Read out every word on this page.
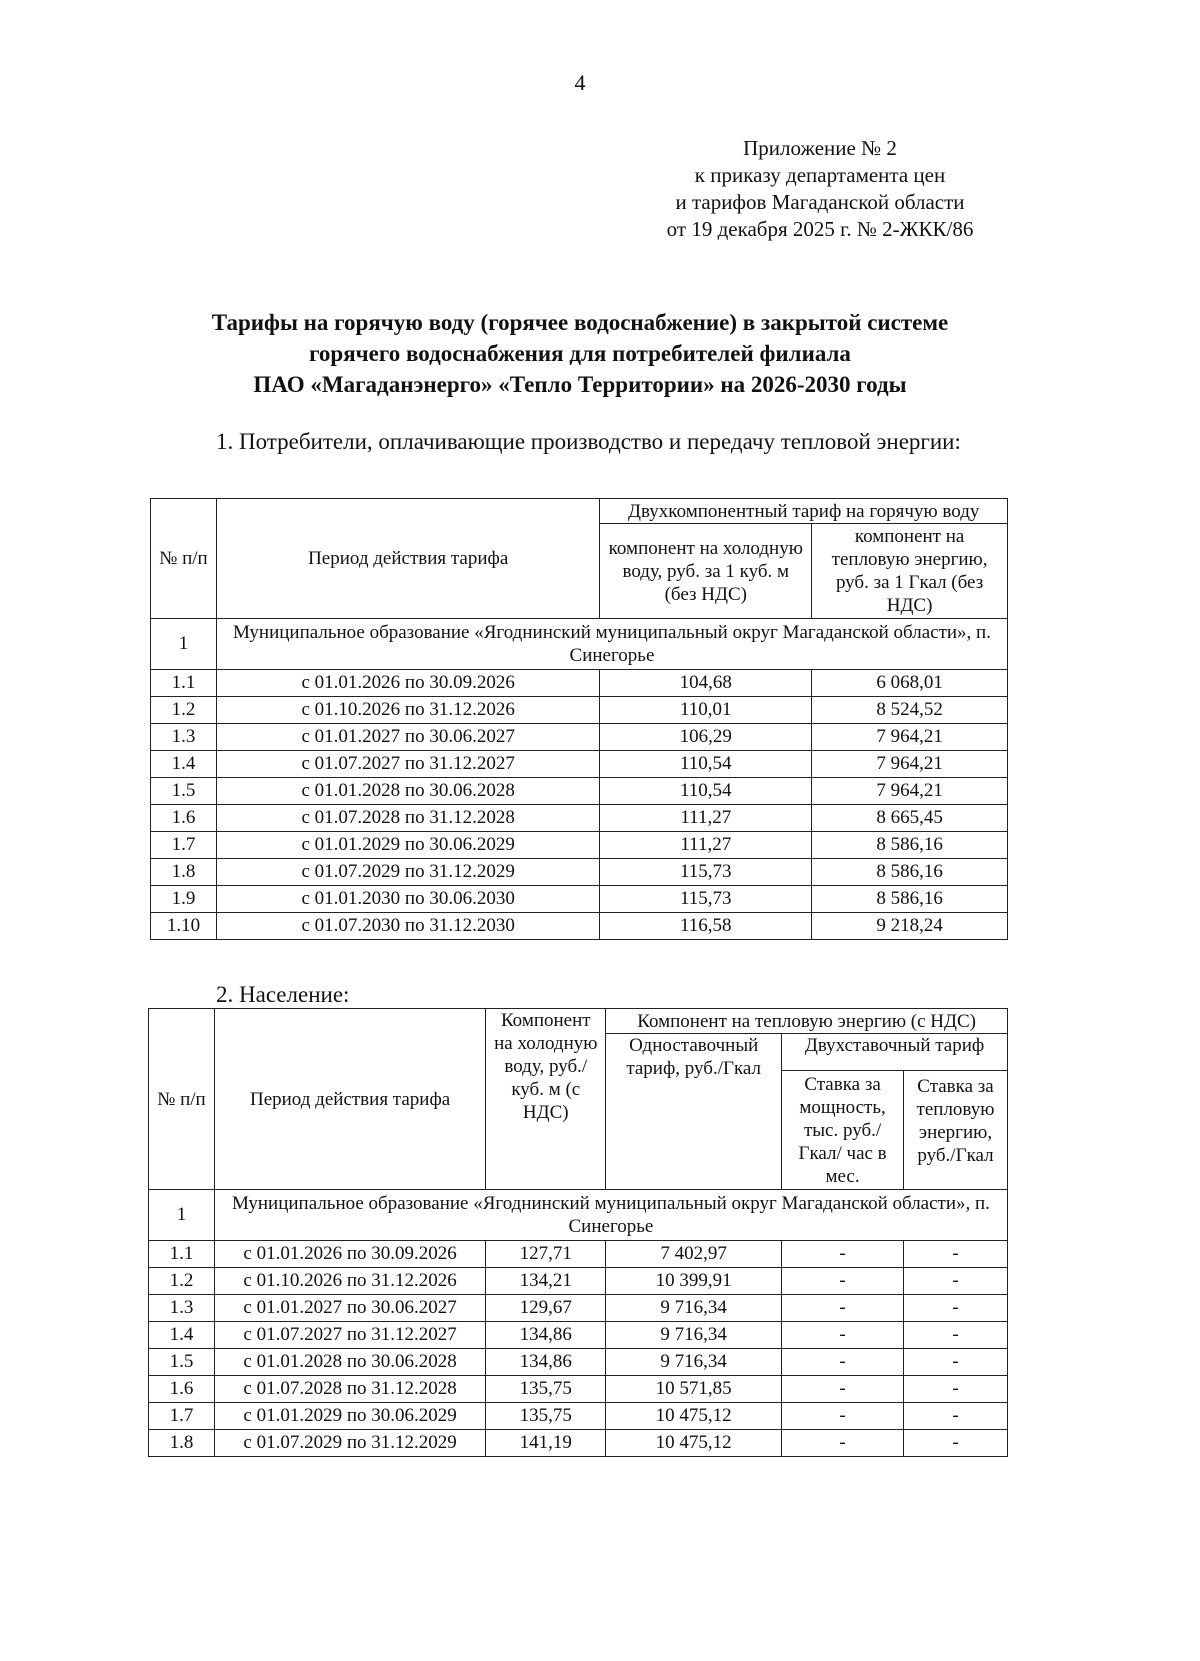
4
Приложение № 2
к приказу департамента цен
и тарифов Магаданской области
от 19 декабря 2025 г. № 2-ЖКК/86
Тарифы на горячую воду (горячее водоснабжение) в закрытой системе
горячего водоснабжения для потребителей филиала
ПАО «Магаданэнерго» «Тепло Территории» на 2026-2030 годы
1. Потребители, оплачивающие производство и передачу тепловой энергии:
№ п/п	Период действия тарифа	Двухкомпонентный тариф на горячую воду	
		компонент на холодную воду, руб. за 1 куб. м (без НДС)	компонент на тепловую энергию, руб. за 1 Гкал (без НДС)
1	Муниципальное образование «Ягоднинский муниципальный округ Магаданской области», п. Синегорье		
1.1	с 01.01.2026 по 30.09.2026	104,68	6 068,01
1.2	с 01.10.2026 по 31.12.2026	110,01	8 524,52
1.3	с 01.01.2027 по 30.06.2027	106,29	7 964,21
1.4	с 01.07.2027 по 31.12.2027	110,54	7 964,21
1.5	с 01.01.2028 по 30.06.2028	110,54	7 964,21
1.6	с 01.07.2028 по 31.12.2028	111,27	8 665,45
1.7	с 01.01.2029 по 30.06.2029	111,27	8 586,16
1.8	с 01.07.2029 по 31.12.2029	115,73	8 586,16
1.9	с 01.01.2030 по 30.06.2030	115,73	8 586,16
1.10	с 01.07.2030 по 31.12.2030	116,58	9 218,24
2. Население:
№ п/п	Период действия тарифа	Компонент на холодную воду, руб./куб. м (с НДС)	Компонент на тепловую энергию (с НДС)		
			Одноставочный тариф, руб./Гкал	Двухставочный тариф	
				Ставка за мощность, тыс. руб./Гкал/ час в мес.	Ставка за тепловую энергию, руб./Гкал
1	Муниципальное образование «Ягоднинский муниципальный округ Магаданской области», п. Синегорье				
1.1	с 01.01.2026 по 30.09.2026	127,71	7 402,97	-	-
1.2	с 01.10.2026 по 31.12.2026	134,21	10 399,91	-	-
1.3	с 01.01.2027 по 30.06.2027	129,67	9 716,34	-	-
1.4	с 01.07.2027 по 31.12.2027	134,86	9 716,34	-	-
1.5	с 01.01.2028 по 30.06.2028	134,86	9 716,34	-	-
1.6	с 01.07.2028 по 31.12.2028	135,75	10 571,85	-	-
1.7	с 01.01.2029 по 30.06.2029	135,75	10 475,12	-	-
1.8	с 01.07.2029 по 31.12.2029	141,19	10 475,12	-	-
